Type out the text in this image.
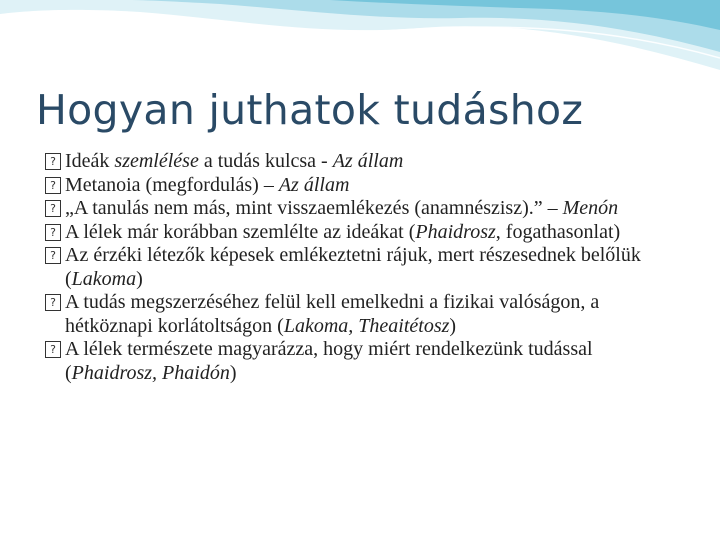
Hogyan juthatok tudáshoz
? Ideák szemlélése a tudás kulcsa - Az állam
? Metanoia (megfordulás) – Az állam
? „A tanulás nem más, mint visszaemlékezés (anamnészisz).” – Menón
? A lélek már korábban szemlélte az ideákat (Phaidrosz, fogathasonlat)
? Az érzéki létezők képesek emlékeztetni rájuk, mert részesednek belőlük (Lakoma)
? A tudás megszerzéséhez felül kell emelkedni a fizikai valóságon, a hétköznapi korlátoltságon (Lakoma, Theaitétosz)
? A lélek természete magyarázza, hogy miért rendelkezünk tudással (Phaidrosz, Phaidón)
